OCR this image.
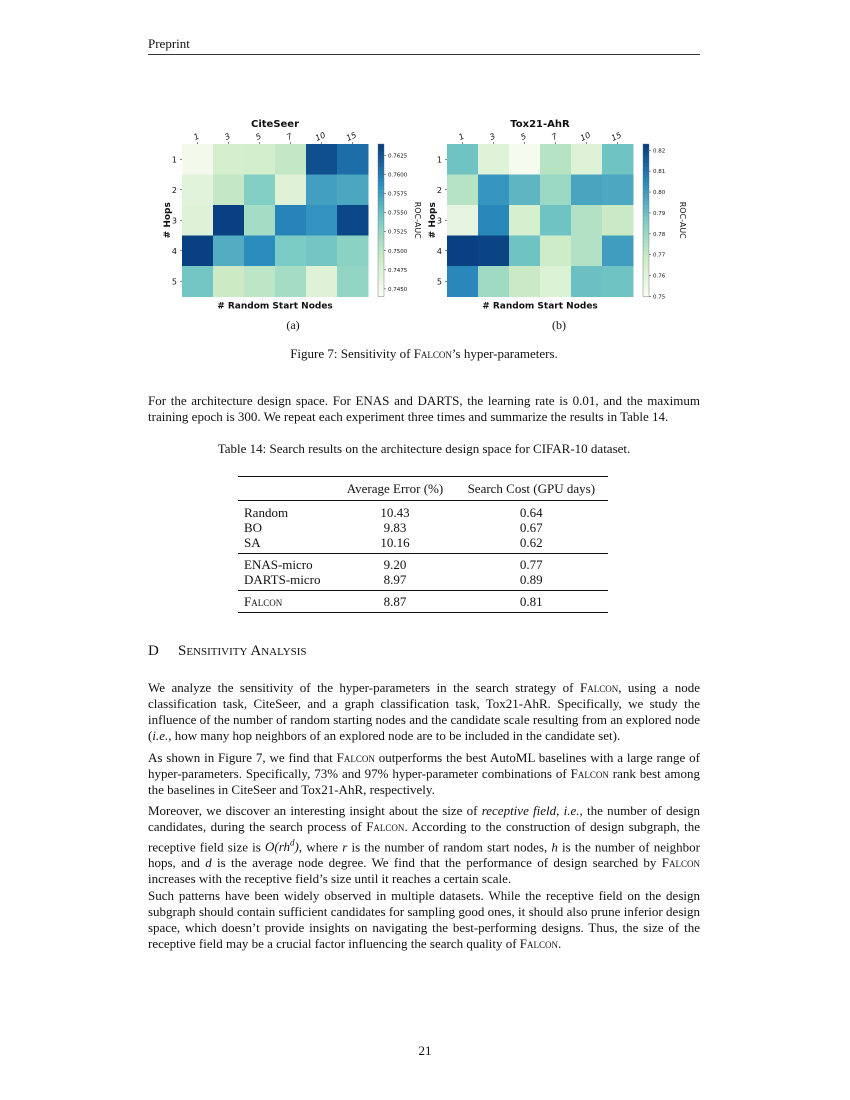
Preprint
CiteSeer
1	3	5	7	10 15
1
2
3
4
5
# Hops
# Random Start Nodes
0.7625
0.7600
0.7575
0.7550
0.7525
0.7500
0.7475
0.7450
ROC-AUC
Tox21-AhR
1	3	5	7	10 15
1
2
3
4
5
# Hops
# Random Start Nodes
0.82
0.81
0.80
0.79
0.78
0.77
0.76
0.75
ROC-AUC
(a)	(b)
Figure 7: Sensitivity of Falcon’s hyper-parameters.

For the architecture design space. For ENAS and DARTS, the learning rate is 0.01, and the maximum training epoch is 300. We repeat each experiment three times and summarize the results in Table 14.

Table 14: Search results on the architecture design space for CIFAR-10 dataset.
	Average Error (%)	Search Cost (GPU days)
Random	10.43	0.64
BO	9.83	0.67
SA	10.16	0.62
ENAS-micro	9.20	0.77
DARTS-micro	8.97	0.89
Falcon	8.87	0.81
D Sensitivity Analysis

We analyze the sensitivity of the hyper-parameters in the search strategy of Falcon, using a node classification task, CiteSeer, and a graph classification task, Tox21-AhR. Specifically, we study the influence of the number of random starting nodes and the candidate scale resulting from an explored node (i.e., how many hop neighbors of an explored node are to be included in the candidate set).

As shown in Figure 7, we find that Falcon outperforms the best AutoML baselines with a large range of hyper-parameters. Specifically, 73% and 97% hyper-parameter combinations of Falcon rank best among the baselines in CiteSeer and Tox21-AhR, respectively.

Moreover, we discover an interesting insight about the size of receptive field, i.e., the number of design candidates, during the search process of Falcon. According to the construction of design subgraph, the receptive field size is $O(rh^d)$, where r is the number of random start nodes, h is the number of neighbor hops, and d is the average node degree. We find that the performance of design searched by Falcon increases with the receptive field’s size until it reaches a certain scale.

Such patterns have been widely observed in multiple datasets. While the receptive field on the design subgraph should contain sufficient candidates for sampling good ones, it should also prune inferior design space, which doesn’t provide insights on navigating the best-performing designs. Thus, the size of the receptive field may be a crucial factor influencing the search quality of Falcon.

21
